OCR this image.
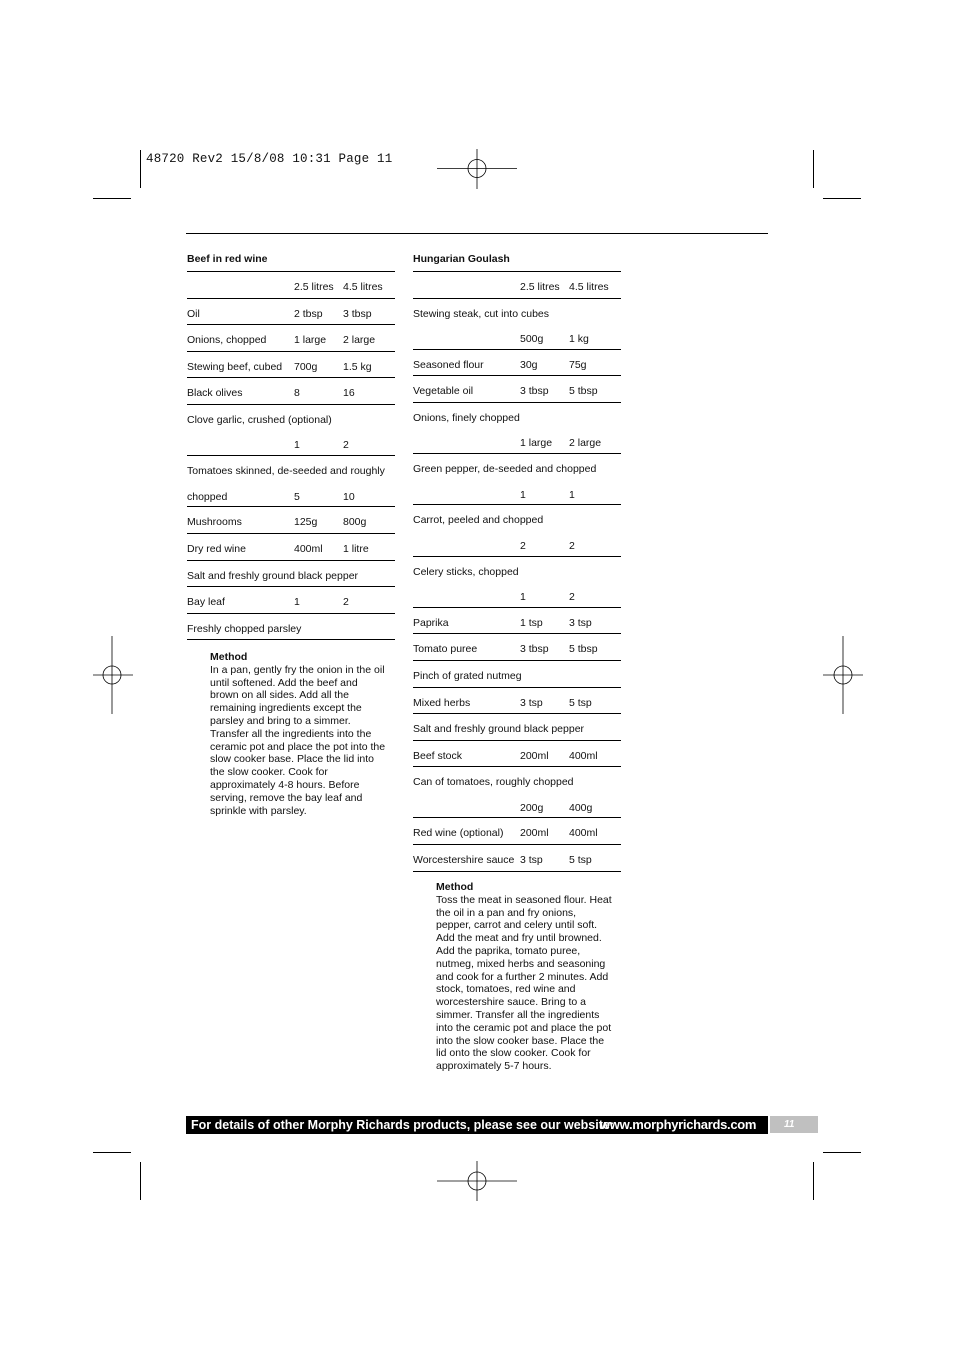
48720 Rev2 15/8/08 10:31 Page 11
Beef in red wine
2.5 litres 4.5 litres
Oil	2 tbsp 3 tbsp
Onions, chopped	1 large 2 large
Stewing beef, cubed 700g 1.5 kg
Black olives	8	16
Clove garlic, crushed (optional)
1	2
Tomatoes skinned, de-seeded and roughly
chopped	5	10
Mushrooms	125g 800g
Dry red wine	400ml 1 litre
Salt and freshly ground black pepper
Bay leaf	1	2
Freshly chopped parsley
Method

In a pan, gently fry the onion in the oil until softened. Add the beef and brown on all sides. Add all the remaining ingredients except the parsley and bring to a simmer. Transfer all the ingredients into the ceramic pot and place the pot into the slow cooker base. Place the lid into the slow cooker. Cook for approximately 4-8 hours. Before serving, remove the bay leaf and sprinkle with parsley.

Hungarian Goulash
2.5 litres 4.5 litres
Stewing steak, cut into cubes
500g 1 kg
Seasoned flour	30g	75g
Vegetable oil	3 tbsp 5 tbsp
Onions, finely chopped
1 large 2 large
Green pepper, de-seeded and chopped
1	1
Carrot, peeled and chopped
2	2
Celery sticks, chopped
1	2
Paprika	1 tsp 3 tsp
Tomato puree	3 tbsp 5 tbsp
Pinch of grated nutmeg
Mixed herbs	3 tsp 5 tsp
Salt and freshly ground black pepper
Beef stock	200ml 400ml
Can of tomatoes, roughly chopped
200g 400g
Red wine (optional) 200ml 400ml
Worcestershire sauce 3 tsp 5 tsp
Method

Toss the meat in seasoned flour. Heat the oil in a pan and fry onions, pepper, carrot and celery until soft. Add the meat and fry until browned. Add the paprika, tomato puree, nutmeg, mixed herbs and seasoning and cook for a further 2 minutes. Add stock, tomatoes, red wine and worcestershire sauce. Bring to a simmer. Transfer all the ingredients into the ceramic pot and place the pot into the slow cooker base. Place the lid onto the slow cooker. Cook for approximately 5-7 hours.

For details of other Morphy Richards products, please see our website:
www.morphyrichards.com	11
